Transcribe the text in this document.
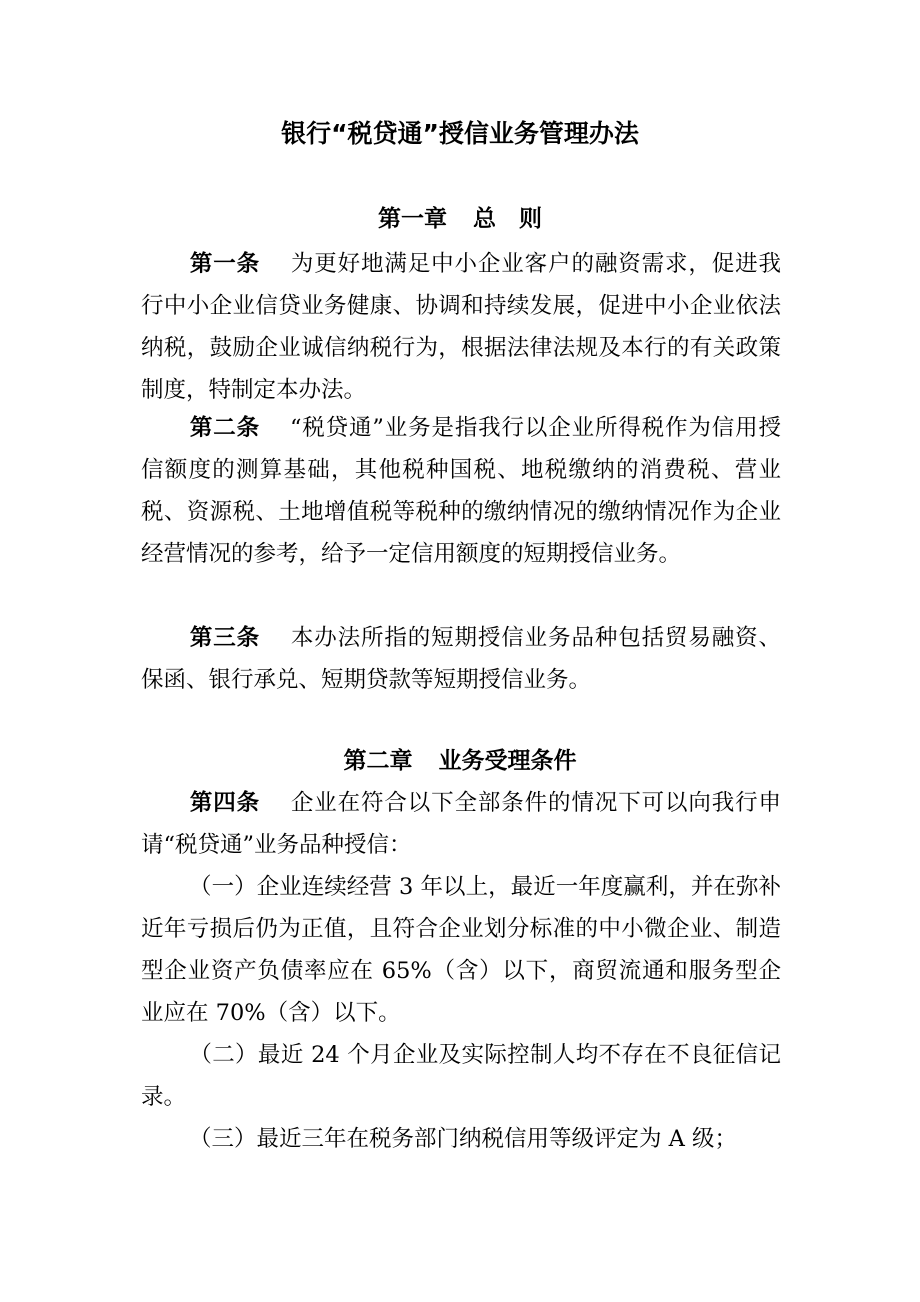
银行“税贷通”授信业务管理办法
第一章 总　则

第一条 为更好地满足中小企业客户的融资需求，促进我行中小企业信贷业务健康、协调和持续发展，促进中小企业依法纳税，鼓励企业诚信纳税行为，根据法律法规及本行的有关政策制度，特制定本办法。

第二条 “税贷通”业务是指我行以企业所得税作为信用授信额度的测算基础，其他税种国税、地税缴纳的消费税、营业税、资源税、土地增值税等税种的缴纳情况的缴纳情况作为企业经营情况的参考，给予一定信用额度的短期授信业务。

第三条 本办法所指的短期授信业务品种包括贸易融资、保函、银行承兑、短期贷款等短期授信业务。

第二章 业务受理条件

第四条 企业在符合以下全部条件的情况下可以向我行申请“税贷通”业务品种授信：

（一）企业连续经营 3 年以上，最近一年度赢利，并在弥补近年亏损后仍为正值，且符合企业划分标准的中小微企业、制造型企业资产负债率应在 65%（含）以下，商贸流通和服务型企业应在 70%（含）以下。

（二）最近 24 个月企业及实际控制人均不存在不良征信记录。

（三）最近三年在税务部门纳税信用等级评定为 A 级；
